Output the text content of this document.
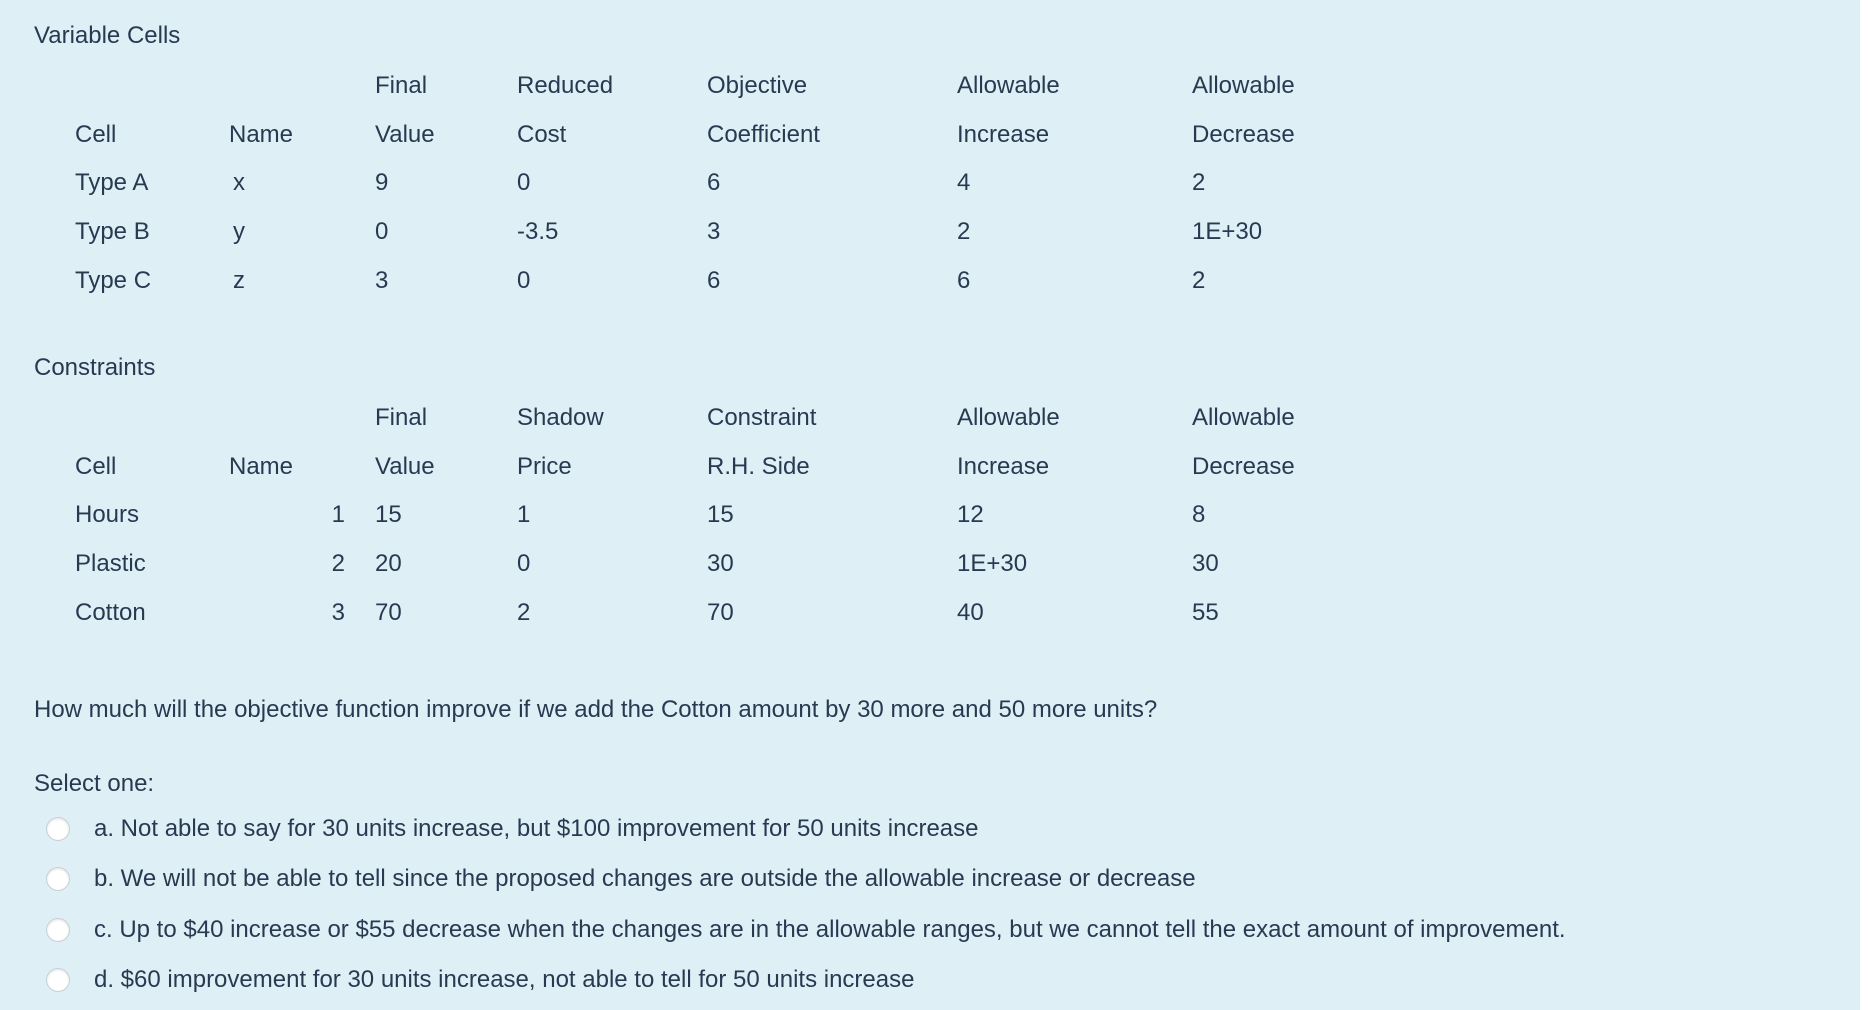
Variable Cells
		Final	Reduced	Objective	Allowable	Allowable
Cell	Name	Value	Cost	Coefficient	Increase	Decrease
Type A	x	9	0	6	4	2
Type B	y	0	-3.5	3	2	1E+30
Type C	z	3	0	6	6	2
Constraints
		Final	Shadow	Constraint	Allowable	Allowable
Cell	Name	Value	Price	R.H. Side	Increase	Decrease
Hours	1	15	1	15	12	8
Plastic	2	20	0	30	1E+30	30
Cotton	3	70	2	70	40	55
How much will the objective function improve if we add the Cotton amount by 30 more and 50 more units?
Select one:
a. Not able to say for 30 units increase, but $100 improvement for 50 units increase
b. We will not be able to tell since the proposed changes are outside the allowable increase or decrease
c. Up to $40 increase or $55 decrease when the changes are in the allowable ranges, but we cannot tell the exact amount of improvement.
d. $60 improvement for 30 units increase, not able to tell for 50 units increase
